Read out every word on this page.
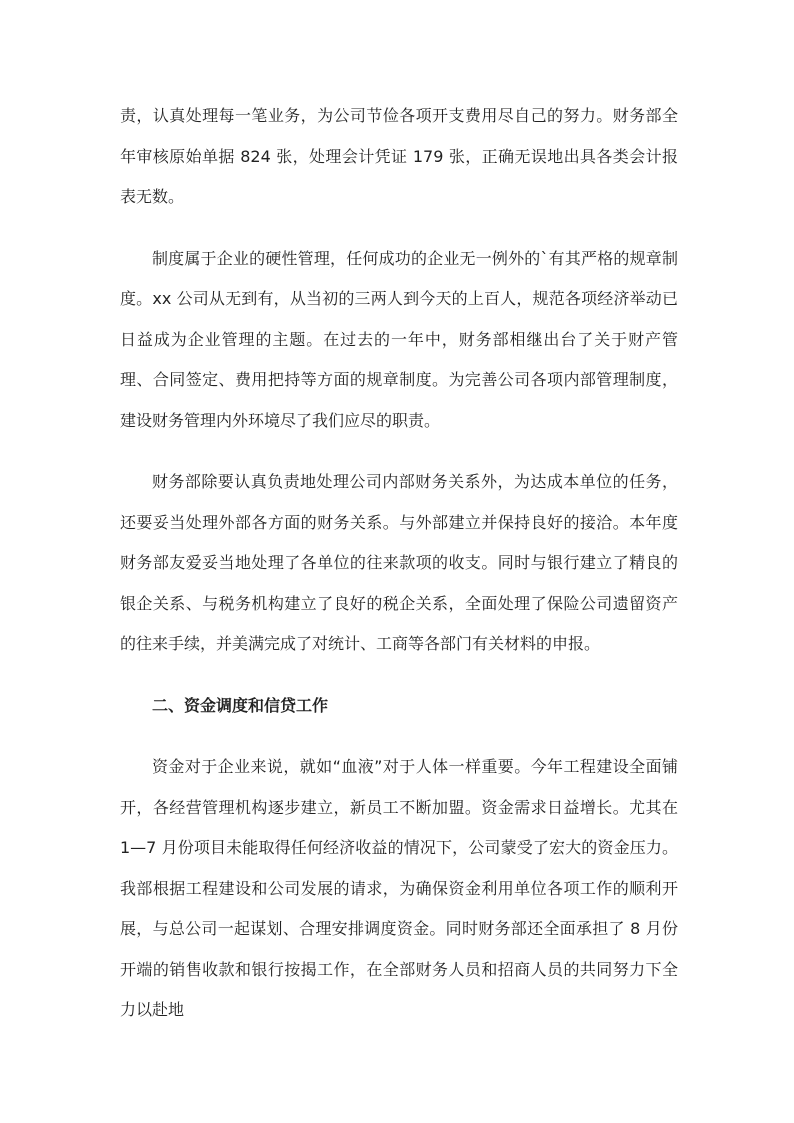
责，认真处理每一笔业务，为公司节俭各项开支费用尽自己的努力。财务部全年审核原始单据 824 张，处理会计凭证 179 张，正确无误地出具各类会计报表无数。

制度属于企业的硬性管理，任何成功的企业无一例外的`有其严格的规章制度。xx 公司从无到有，从当初的三两人到今天的上百人，规范各项经济举动已日益成为企业管理的主题。在过去的一年中，财务部相继出台了关于财产管理、合同签定、费用把持等方面的规章制度。为完善公司各项内部管理制度，建设财务管理内外环境尽了我们应尽的职责。

财务部除要认真负责地处理公司内部财务关系外，为达成本单位的任务，还要妥当处理外部各方面的财务关系。与外部建立并保持良好的接洽。本年度财务部友爱妥当地处理了各单位的往来款项的收支。同时与银行建立了精良的银企关系、与税务机构建立了良好的税企关系，全面处理了保险公司遗留资产的往来手续，并美满完成了对统计、工商等各部门有关材料的申报。

二、资金调度和信贷工作

资金对于企业来说，就如“血液”对于人体一样重要。今年工程建设全面铺开，各经营管理机构逐步建立，新员工不断加盟。资金需求日益增长。尤其在 1—7 月份项目未能取得任何经济收益的情况下，公司蒙受了宏大的资金压力。我部根据工程建设和公司发展的请求，为确保资金利用单位各项工作的顺利开展，与总公司一起谋划、合理安排调度资金。同时财务部还全面承担了 8 月份开端的销售收款和银行按揭工作，在全部财务人员和招商人员的共同努力下全力以赴地
